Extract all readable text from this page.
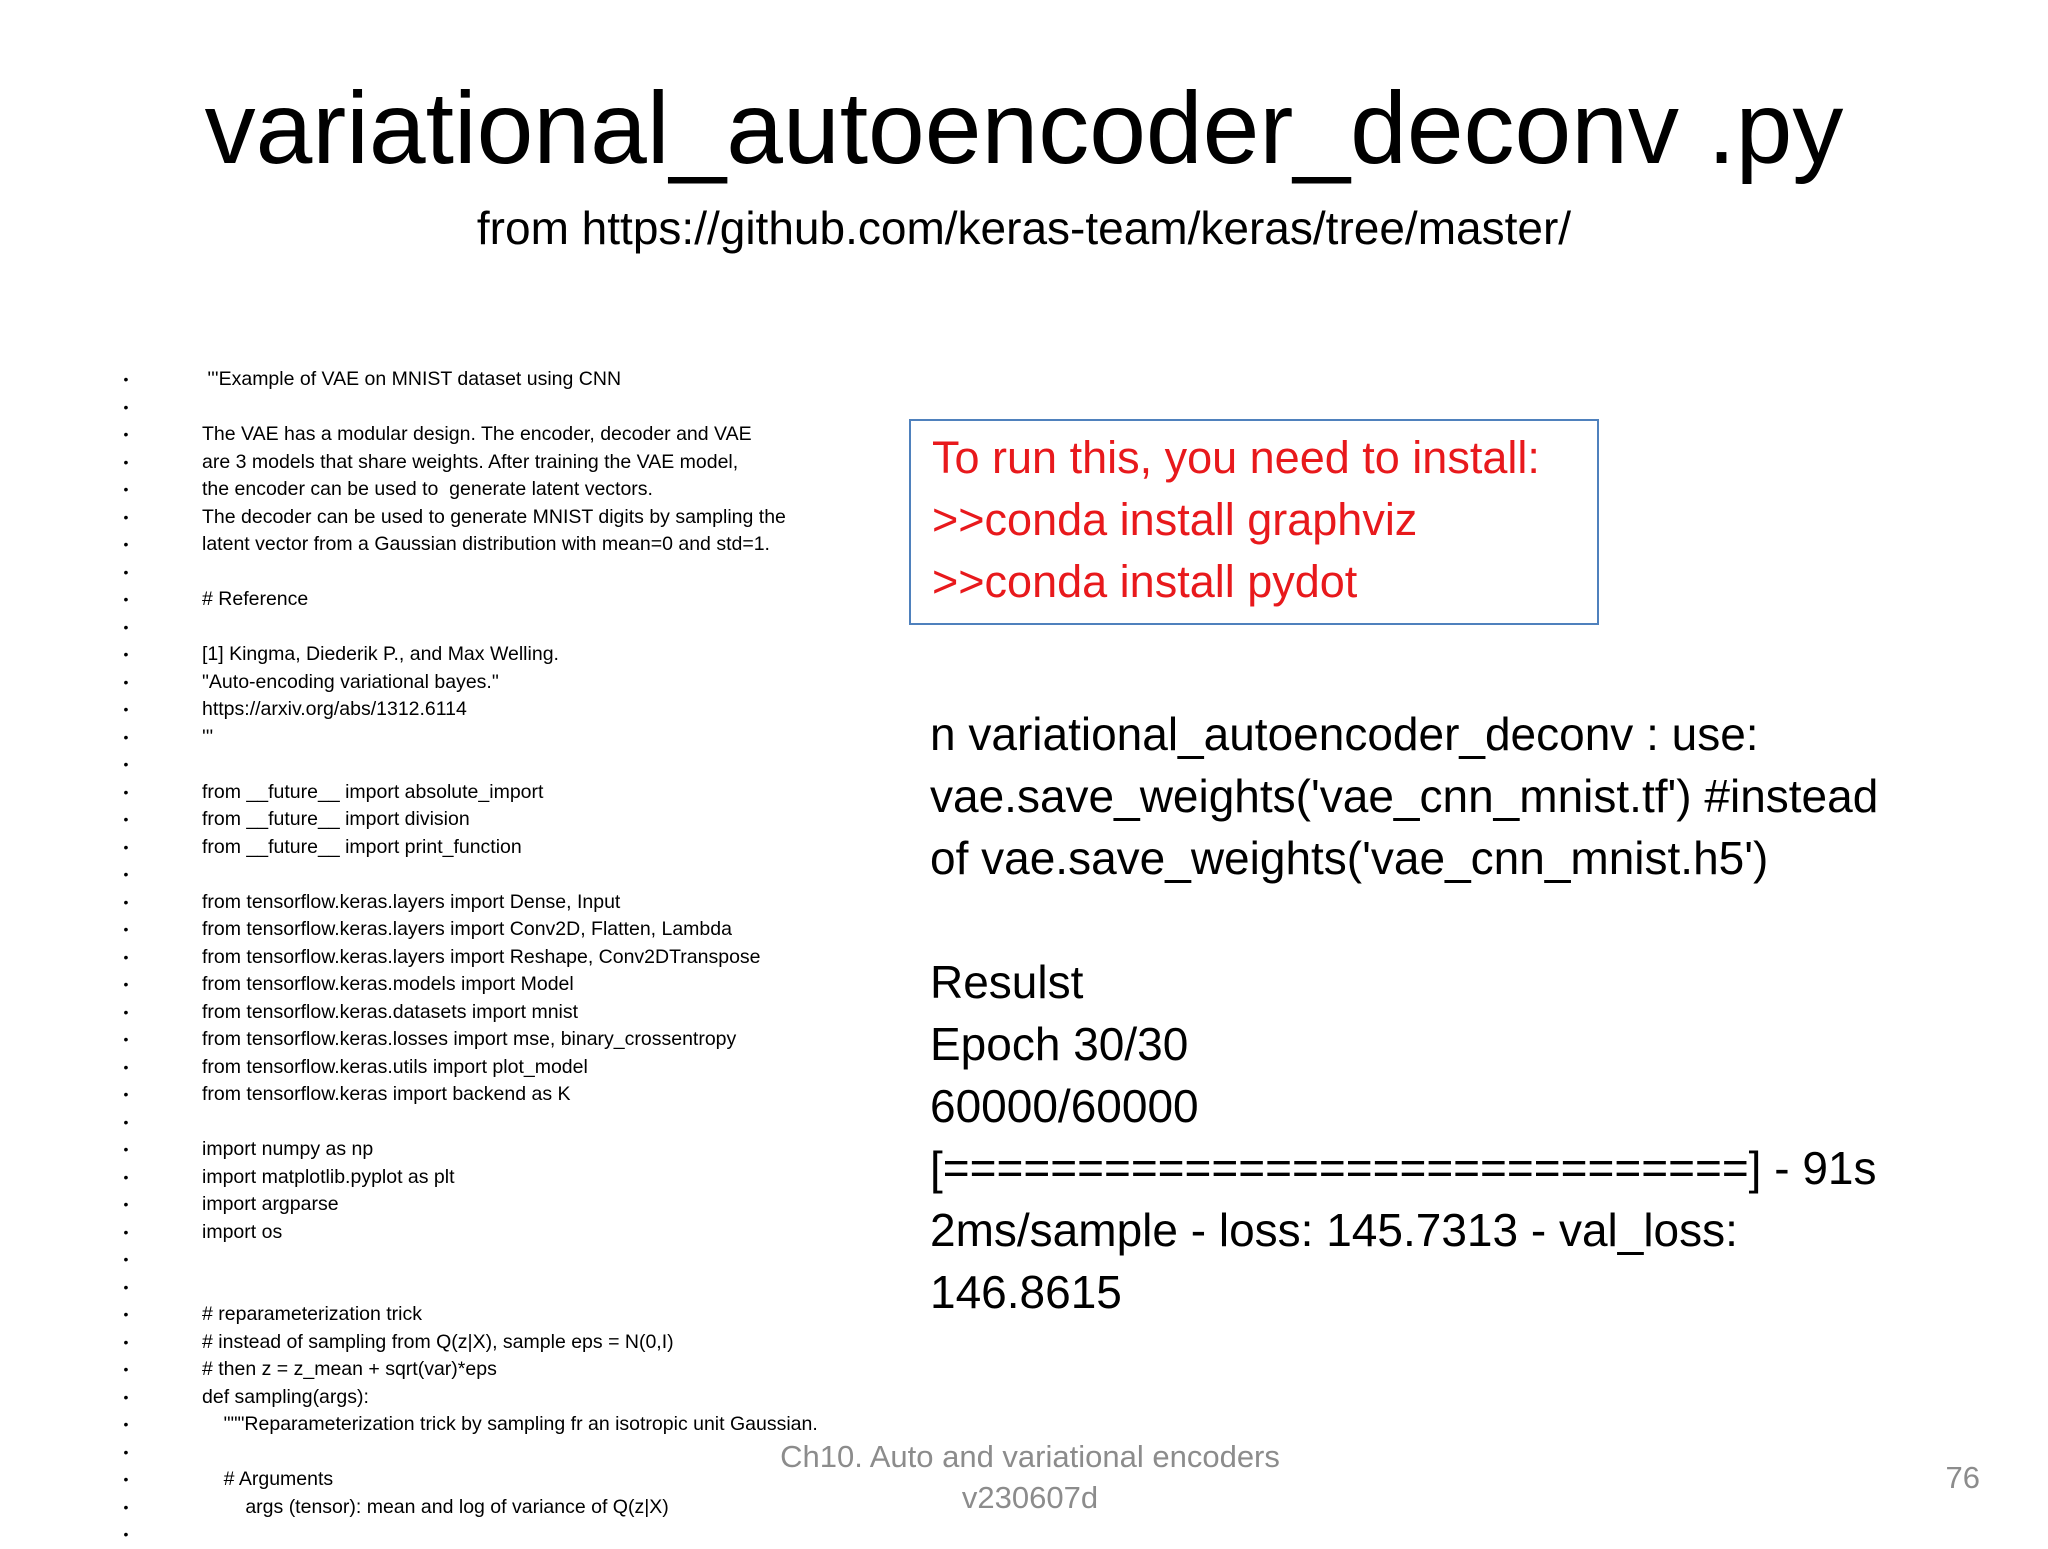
variational_autoencoder_deconv .py
from https://github.com/keras-team/keras/tree/master/
•	'''Example of VAE on MNIST dataset using CNN
•
•	The VAE has a modular design. The encoder, decoder and VAE
•	are 3 models that share weights. After training the VAE model,
•	the encoder can be used to  generate latent vectors.
•	The decoder can be used to generate MNIST digits by sampling the
•	latent vector from a Gaussian distribution with mean=0 and std=1.
•
•	# Reference
•
•	[1] Kingma, Diederik P., and Max Welling.
•	"Auto-encoding variational bayes."
•	https://arxiv.org/abs/1312.6114
•	'''
•
•	from __future__ import absolute_import
•	from __future__ import division
•	from __future__ import print_function
•
•	from tensorflow.keras.layers import Dense, Input
•	from tensorflow.keras.layers import Conv2D, Flatten, Lambda
•	from tensorflow.keras.layers import Reshape, Conv2DTranspose
•	from tensorflow.keras.models import Model
•	from tensorflow.keras.datasets import mnist
•	from tensorflow.keras.losses import mse, binary_crossentropy
•	from tensorflow.keras.utils import plot_model
•	from tensorflow.keras import backend as K
•
•	import numpy as np
•	import matplotlib.pyplot as plt
•	import argparse
•	import os
•
•
•	# reparameterization trick
•	# instead of sampling from Q(z|X), sample eps = N(0,I)
•	# then z = z_mean + sqrt(var)*eps
•	def sampling(args):
•	"""Reparameterization trick by sampling fr an isotropic unit Gaussian.
•
•	# Arguments
•	args (tensor): mean and log of variance of Q(z|X)
•
To run this, you need to install:
>>conda install graphviz
>>conda install pydot
n variational_autoencoder_deconv : use:
vae.save_weights('vae_cnn_mnist.tf') #instead
of vae.save_weights('vae_cnn_mnist.h5')
Resulst
Epoch 30/30
60000/60000
[==============================] - 91s
2ms/sample - loss: 145.7313 - val_loss:
146.8615
Ch10. Auto and variational encoders
v230607d
76
